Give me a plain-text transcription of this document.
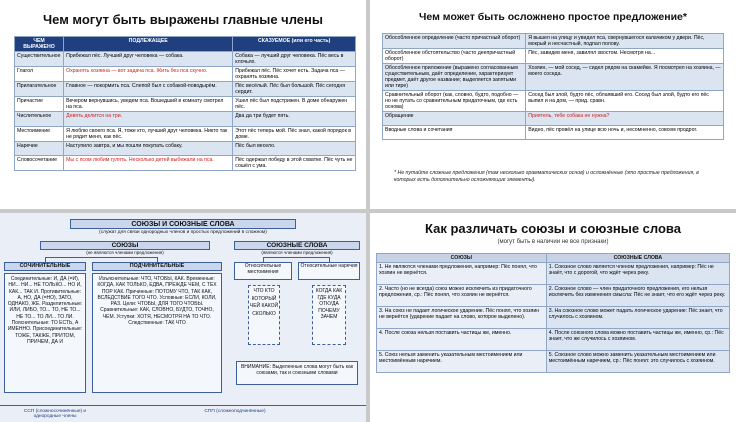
Чем могут быть выражены главные члены
ЧЕМ ВЫРАЖЕНО	ПОДЛЕЖАЩЕЕ	СКАЗУЕМОЕ (или его часть)
Существительное	Прибежал пёс. Лучший друг человека — собака.	Собака — лучший друг человека. Пёс весь в клочьях.
Глагол	Охранять хозяина — вот задача пса. Жить без пса скучно.	Прибежал пёс. Пёс хочет есть. Задача пса — охранять хозяина.
Прилагательное	Главное — покормить пса. Слепой был с собакой-поводырём.	Пёс весёлый. Пёс был большой. Пёс сегодня сердит.
Причастие	Вечером вернувшись, уведем пса. Вошедший в комнату смотрел на пса.	Ушел пёс был подстрижен. В доме обнаружен пёс.
Числительное	Девять делится на три.	Два да три будет пять.
Местоимение	Я люблю своего пса. Я, тоже кто, лучший друг человека. Никто так не рядит меня, как пёс.	Этот пёс теперь мой. Пёс знал, какой порядок в доме.
Наречие	Наступило завтра, и мы пошли покупать собаку.	Пёс был весело.
Словосочетание	Мы с псом любим гулять. Несколько детей выбежали на пса.	Пёс одержал победу в этой схватке. Пёс чуть не сошёл с ума.
Чем может быть осложнено простое предложение*
Обособленное определение (часто причастный оборот)	Я вышел на улицу и увидел пса, свернувшегося калачиком у двери. Пёс, мокрый и несчастный, подпал полову.
Обособленное обстоятельство (часто деепричастный оборот)	Пёс, завидев меня, завилял хвостом. Несмотря на...
Обособленное приложение (выражено согласованным существительным, даёт определение, характеризует предмет, даёт другое название; выделяется запятыми или тире)	Хозяин, — мой сосед, — сидел рядом на скамейке. Я посмотрел на хозяина, — моего соседа.
Сравнительный оборот (как, словно, будто, подобно — но не путать со сравнительным придаточным, где есть основа)	Сосед был злой, будто пёс, облаявший его. Сосед был злой, будто его пёс выпил и на дом, — прид. сравн.
Обращение	Приятель, тебе собака не нужна?
Вводные слова и сочетания	Видно, пёс провёл на улице всю ночь и, несомненно, совсем продрог.
* Не путайте сложные предложения (там несколько грамматических основ) и осложнённые (это простые предложения, в которых есть дополнительно осложняющие элементы).
СОЮЗЫ И СОЮЗНЫЕ СЛОВА
(служат для связи однородных членов и простых предложений в сложном)
СОЮЗЫ
(не являются членами предложения)
СОЧИНИТЕЛЬНЫЕ
Соединительные: И, ДА (=И), НИ... НИ... НЕ ТОЛЬКО... НО И, КАК... ТАК И. Противительные: А, НО, ДА (=НО), ЗАТО, ОДНАКО, ЖЕ. Разделительные: ИЛИ, ЛИБО, ТО... ТО, НЕ ТО... НЕ ТО... ТО ЛИ... ТО ЛИ. Пояснительные: ТО ЕСТЬ, А ИМЕННО. Присоединительные: ТОЖЕ, ТАКЖЕ, ПРИТОМ, ПРИЧЕМ, ДА И
ПОДЧИНИТЕЛЬНЫЕ
Изъяснительные: ЧТО, ЧТОБЫ, КАК. Временные: КОГДА, КАК ТОЛЬКО, ЕДВА, ПРЕЖДЕ ЧЕМ, С ТЕХ ПОР КАК. Причинные: ПОТОМУ ЧТО, ТАК КАК, ВСЛЕДСТВИЕ ТОГО ЧТО. Условные: ЕСЛИ, КОЛИ, РАЗ. Цели: ЧТОБЫ, ДЛЯ ТОГО ЧТОБЫ. Сравнительные: КАК, СЛОВНО, БУДТО, ТОЧНО, ЧЕМ. Уступки: ХОТЯ, НЕСМОТРЯ НА ТО ЧТО. Следственные: ТАК ЧТО
СОЮЗНЫЕ СЛОВА
(являются членами предложения)
Относительные местоимения
ЧТО КТО КОТОРЫЙ ЧЕЙ КАКОЙ СКОЛЬКО
Относительные наречия
КОГДА КАК ГДЕ КУДА ОТКУДА ПОЧЕМУ ЗАЧЕМ
ВНИМАНИЕ: Выделенные слова могут быть как союзами, так и союзными словами
ССП (сложносочинённые) и однородные члены
СПП (сложноподчинённые)
Как различать союзы и союзные слова
(могут быть в наличии не все признаки)
СОЮЗЫ	СОЮЗНЫЕ СЛОВА
1. Не являются членами предложения, например: Пёс понял, что хозяин не вернётся.	1. Союзное слово является членом предложения, например: Пёс не знаёт, что с дорогой, что ждёт через реку.
2. Часто (но не всегда) союз можно исключить из придаточного предложения, ср.: Пёс понял, что хозяин не вернётся.	2. Союзное слово — член придаточного предложения, его нельзя исключить без изменения смысла: Пёс не знает, что его ждёт через реку.
3. На союз не падает логическое ударение. Пёс понял, что хозяин не вернётся (ударение падает на слово, которое выделено).	3. На союзное слово может падать логическое ударение: Пёс знает, что случилось с хозяином.
4. После союза нельзя поставить частицы же, именно.	4. После союзного слова можно поставить частицы же, именно, ср.: Пёс знает, что же случилось с хозяином.
5. Союз нельзя заменить указательным местоимением или местоимённым наречием.	5. Союзное слово можно заменить указательным местоимением или местоимённым наречием, ср.: Пёс понял: это случилось с хозяином.
